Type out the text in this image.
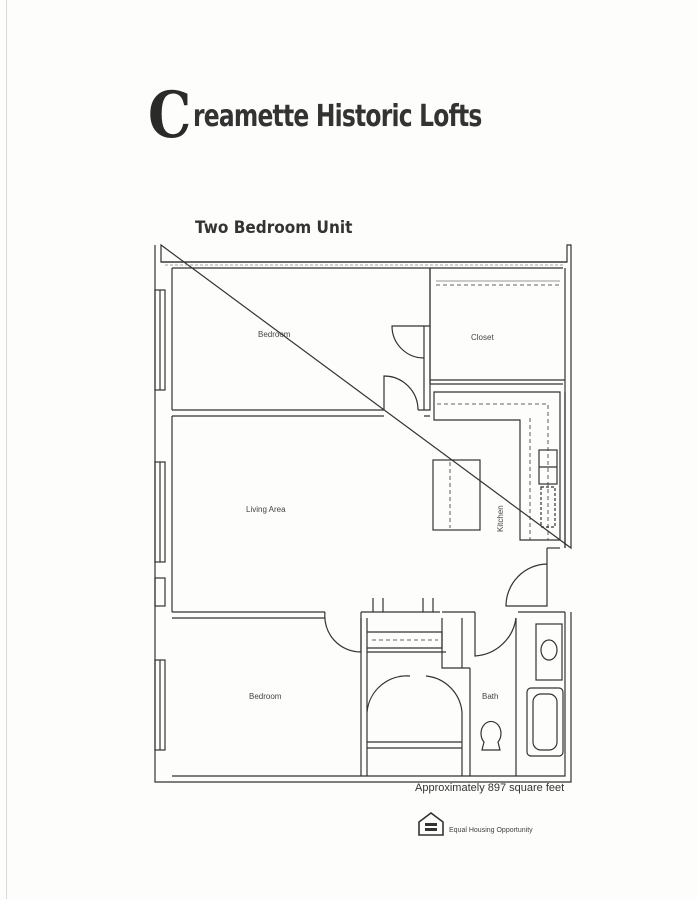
C reamette Historic Lofts
Two Bedroom Unit
Bedroom	Closet
Living Area	Kitchen
Bedroom	Bath
Approximately 897 square feet
Equal Housing Opportunity
